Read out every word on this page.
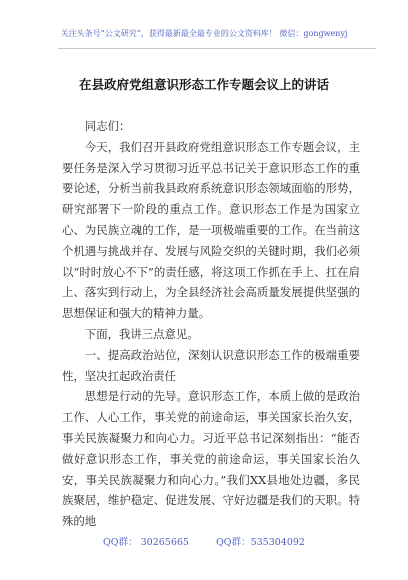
关注头条号“公文研究”，获得最新最全最专业的公文资料库！ 微信：gongwenyj
在县政府党组意识形态工作专题会议上的讲话

同志们：

今天，我们召开县政府党组意识形态工作专题会议，主要任务是深入学习贯彻习近平总书记关于意识形态工作的重要论述，分析当前我县政府系统意识形态领域面临的形势，研究部署下一阶段的重点工作。意识形态工作是为国家立心、为民族立魂的工作，是一项极端重要的工作。在当前这个机遇与挑战并存、发展与风险交织的关键时期，我们必须以“时时放心不下”的责任感，将这项工作抓在手上、扛在肩上、落实到行动上，为全县经济社会高质量发展提供坚强的思想保证和强大的精神力量。

下面，我讲三点意见。

一、提高政治站位，深刻认识意识形态工作的极端重要性，坚决扛起政治责任

思想是行动的先导。意识形态工作，本质上做的是政治工作、人心工作，事关党的前途命运，事关国家长治久安，事关民族凝聚力和向心力。习近平总书记深刻指出：“能否做好意识形态工作，事关党的前途命运，事关国家长治久安，事关民族凝聚力和向心力。”我们XX县地处边疆，多民族聚居，维护稳定、促进发展、守好边疆是我们的天职。特殊的地

QQ群： 30265665	QQ群：535304092
